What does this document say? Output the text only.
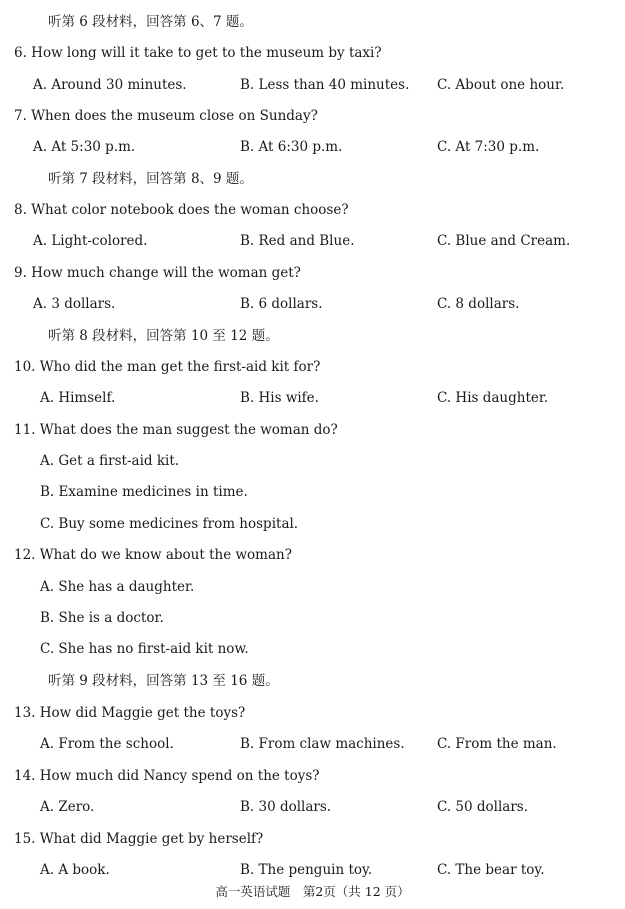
听第 6 段材料，回答第 6、7 题。
6. How long will it take to get to the museum by taxi?
A. Around 30 minutes.	B. Less than 40 minutes. C. About one hour.
7. When does the museum close on Sunday?
A. At 5:30 p.m.	B. At 6:30 p.m.	C. At 7:30 p.m.
听第 7 段材料，回答第 8、9 题。
8. What color notebook does the woman choose?
A. Light-colored.	B. Red and Blue.	C. Blue and Cream.
9. How much change will the woman get?
A. 3 dollars.	B. 6 dollars.	C. 8 dollars.
听第 8 段材料，回答第 10 至 12 题。
10. Who did the man get the first-aid kit for?
A. Himself.	B. His wife.	C. His daughter.
11. What does the man suggest the woman do?
A. Get a first-aid kit.
B. Examine medicines in time.
C. Buy some medicines from hospital.
12. What do we know about the woman?
A. She has a daughter.
B. She is a doctor.
C. She has no first-aid kit now.
听第 9 段材料，回答第 13 至 16 题。
13. How did Maggie get the toys?
A. From the school.	B. From claw machines. C. From the man.
14. How much did Nancy spend on the toys?
A. Zero.	B. 30 dollars.	C. 50 dollars.
15. What did Maggie get by herself?
A. A book.	B. The penguin toy.	C. The bear toy.
高一英语试题　第2页（共 12 页）
